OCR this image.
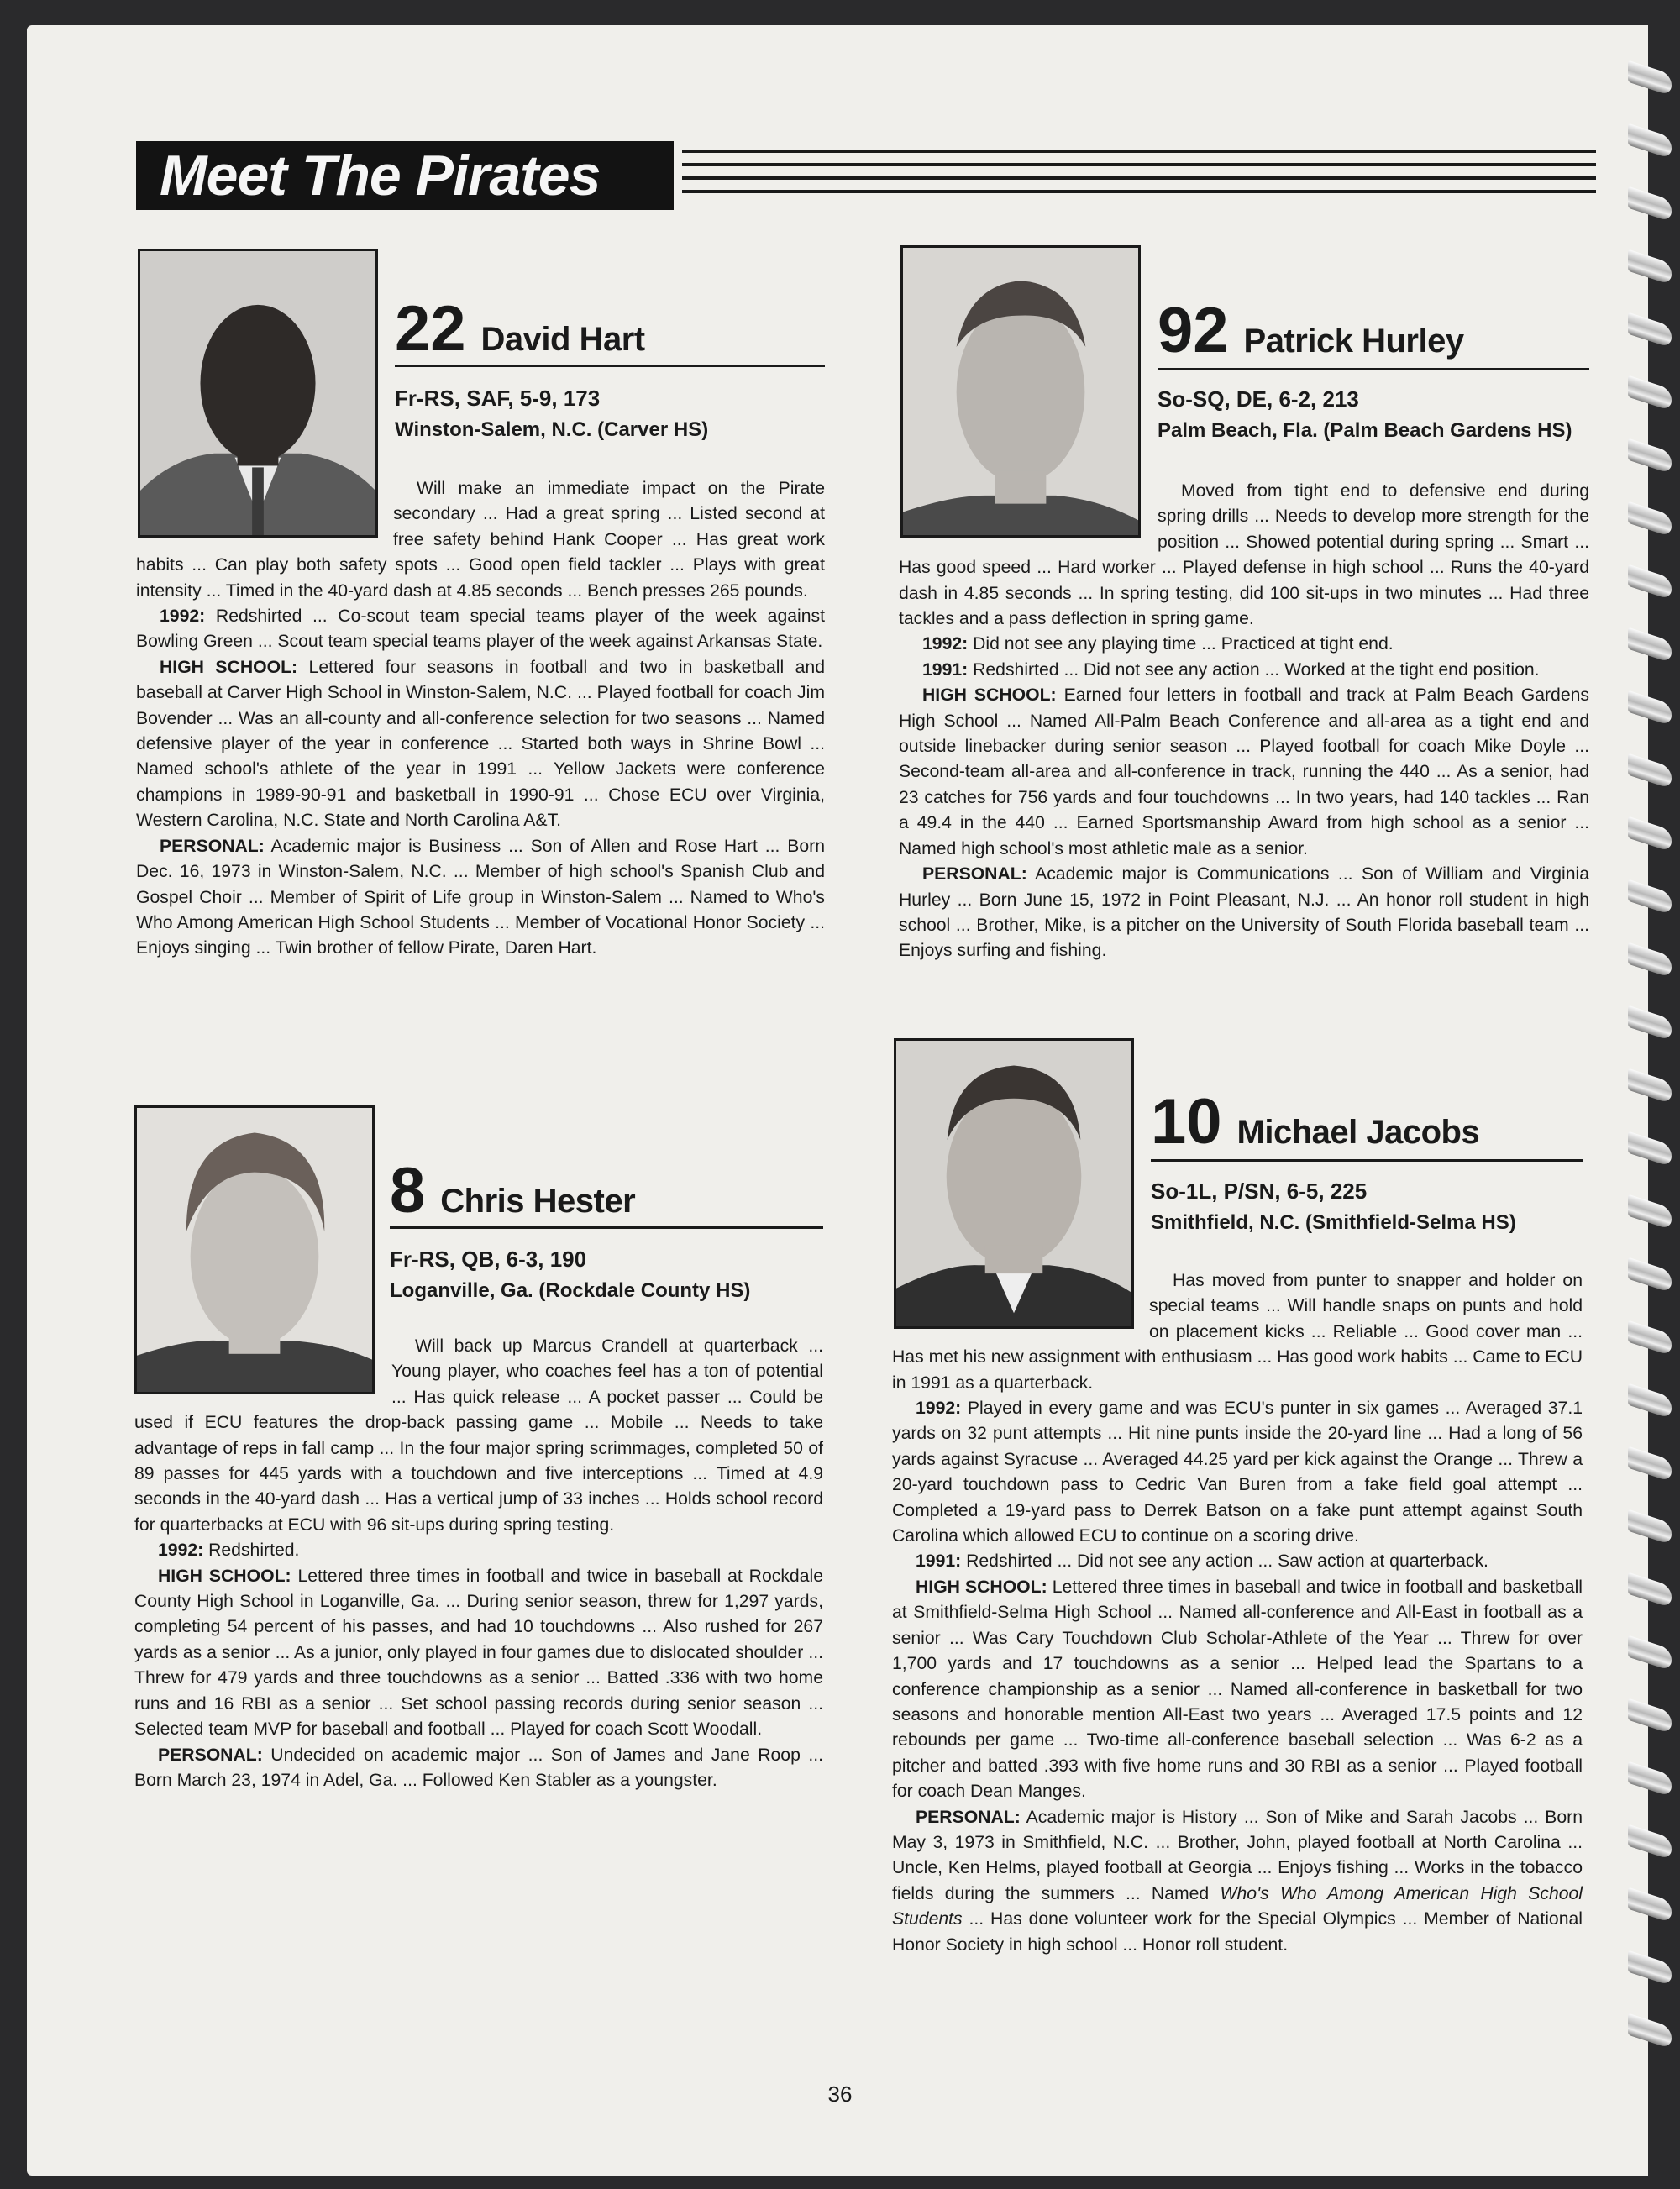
Meet The Pirates
22 David Hart
Fr-RS, SAF, 5-9, 173
Winston-Salem, N.C. (Carver HS)

Will make an immediate impact on the Pirate secondary ... Had a great spring ... Listed second at free safety behind Hank Cooper ... Has great work habits ... Can play both safety spots ... Good open field tackler ... Plays with great intensity ... Timed in the 40-yard dash at 4.85 seconds ... Bench presses 265 pounds.

1992: Redshirted ... Co-scout team special teams player of the week against Bowling Green ... Scout team special teams player of the week against Arkansas State.

HIGH SCHOOL: Lettered four seasons in football and two in basketball and baseball at Carver High School in Winston-Salem, N.C. ... Played football for coach Jim Bovender ... Was an all-county and all-conference selection for two seasons ... Named defensive player of the year in conference ... Started both ways in Shrine Bowl ... Named school's athlete of the year in 1991 ... Yellow Jackets were conference champions in 1989-90-91 and basketball in 1990-91 ... Chose ECU over Virginia, Western Carolina, N.C. State and North Carolina A&T.

PERSONAL: Academic major is Business ... Son of Allen and Rose Hart ... Born Dec. 16, 1973 in Winston-Salem, N.C. ... Member of high school's Spanish Club and Gospel Choir ... Member of Spirit of Life group in Winston-Salem ... Named to Who's Who Among American High School Students ... Member of Vocational Honor Society ... Enjoys singing ... Twin brother of fellow Pirate, Daren Hart.

92 Patrick Hurley
So-SQ, DE, 6-2, 213
Palm Beach, Fla. (Palm Beach Gardens HS)

Moved from tight end to defensive end during spring drills ... Needs to develop more strength for the position ... Showed potential during spring ... Smart ... Has good speed ... Hard worker ... Played defense in high school ... Runs the 40-yard dash in 4.85 seconds ... In spring testing, did 100 sit-ups in two minutes ... Had three tackles and a pass deflection in spring game.

1992: Did not see any playing time ... Practiced at tight end.

1991: Redshirted ... Did not see any action ... Worked at the tight end position.

HIGH SCHOOL: Earned four letters in football and track at Palm Beach Gardens High School ... Named All-Palm Beach Conference and all-area as a tight end and outside linebacker during senior season ... Played football for coach Mike Doyle ... Second-team all-area and all-conference in track, running the 440 ... As a senior, had 23 catches for 756 yards and four touchdowns ... In two years, had 140 tackles ... Ran a 49.4 in the 440 ... Earned Sportsmanship Award from high school as a senior ... Named high school's most athletic male as a senior.

PERSONAL: Academic major is Communications ... Son of William and Virginia Hurley ... Born June 15, 1972 in Point Pleasant, N.J. ... An honor roll student in high school ... Brother, Mike, is a pitcher on the University of South Florida baseball team ... Enjoys surfing and fishing.

8 Chris Hester
Fr-RS, QB, 6-3, 190
Loganville, Ga. (Rockdale County HS)

Will back up Marcus Crandell at quarterback ... Young player, who coaches feel has a ton of potential ... Has quick release ... A pocket passer ... Could be used if ECU features the drop-back passing game ... Mobile ... Needs to take advantage of reps in fall camp ... In the four major spring scrimmages, completed 50 of 89 passes for 445 yards with a touchdown and five interceptions ... Timed at 4.9 seconds in the 40-yard dash ... Has a vertical jump of 33 inches ... Holds school record for quarterbacks at ECU with 96 sit-ups during spring testing.

1992: Redshirted.

HIGH SCHOOL: Lettered three times in football and twice in baseball at Rockdale County High School in Loganville, Ga. ... During senior season, threw for 1,297 yards, completing 54 percent of his passes, and had 10 touchdowns ... Also rushed for 267 yards as a senior ... As a junior, only played in four games due to dislocated shoulder ... Threw for 479 yards and three touchdowns as a senior ... Batted .336 with two home runs and 16 RBI as a senior ... Set school passing records during senior season ... Selected team MVP for baseball and football ... Played for coach Scott Woodall.

PERSONAL: Undecided on academic major ... Son of James and Jane Roop ... Born March 23, 1974 in Adel, Ga. ... Followed Ken Stabler as a youngster.

10 Michael Jacobs
So-1L, P/SN, 6-5, 225
Smithfield, N.C. (Smithfield-Selma HS)

Has moved from punter to snapper and holder on special teams ... Will handle snaps on punts and hold on placement kicks ... Reliable ... Good cover man ... Has met his new assignment with enthusiasm ... Has good work habits ... Came to ECU in 1991 as a quarterback.

1992: Played in every game and was ECU's punter in six games ... Averaged 37.1 yards on 32 punt attempts ... Hit nine punts inside the 20-yard line ... Had a long of 56 yards against Syracuse ... Averaged 44.25 yard per kick against the Orange ... Threw a 20-yard touchdown pass to Cedric Van Buren from a fake field goal attempt ... Completed a 19-yard pass to Derrek Batson on a fake punt attempt against South Carolina which allowed ECU to continue on a scoring drive.

1991: Redshirted ... Did not see any action ... Saw action at quarterback.

HIGH SCHOOL: Lettered three times in baseball and twice in football and basketball at Smithfield-Selma High School ... Named all-conference and All-East in football as a senior ... Was Cary Touchdown Club Scholar-Athlete of the Year ... Threw for over 1,700 yards and 17 touchdowns as a senior ... Helped lead the Spartans to a conference championship as a senior ... Named all-conference in basketball for two seasons and honorable mention All-East two years ... Averaged 17.5 points and 12 rebounds per game ... Two-time all-conference baseball selection ... Was 6-2 as a pitcher and batted .393 with five home runs and 30 RBI as a senior ... Played football for coach Dean Manges.

PERSONAL: Academic major is History ... Son of Mike and Sarah Jacobs ... Born May 3, 1973 in Smithfield, N.C. ... Brother, John, played football at North Carolina ... Uncle, Ken Helms, played football at Georgia ... Enjoys fishing ... Works in the tobacco fields during the summers ... Named Who's Who Among American High School Students ... Has done volunteer work for the Special Olympics ... Member of National Honor Society in high school ... Honor roll student.

36
